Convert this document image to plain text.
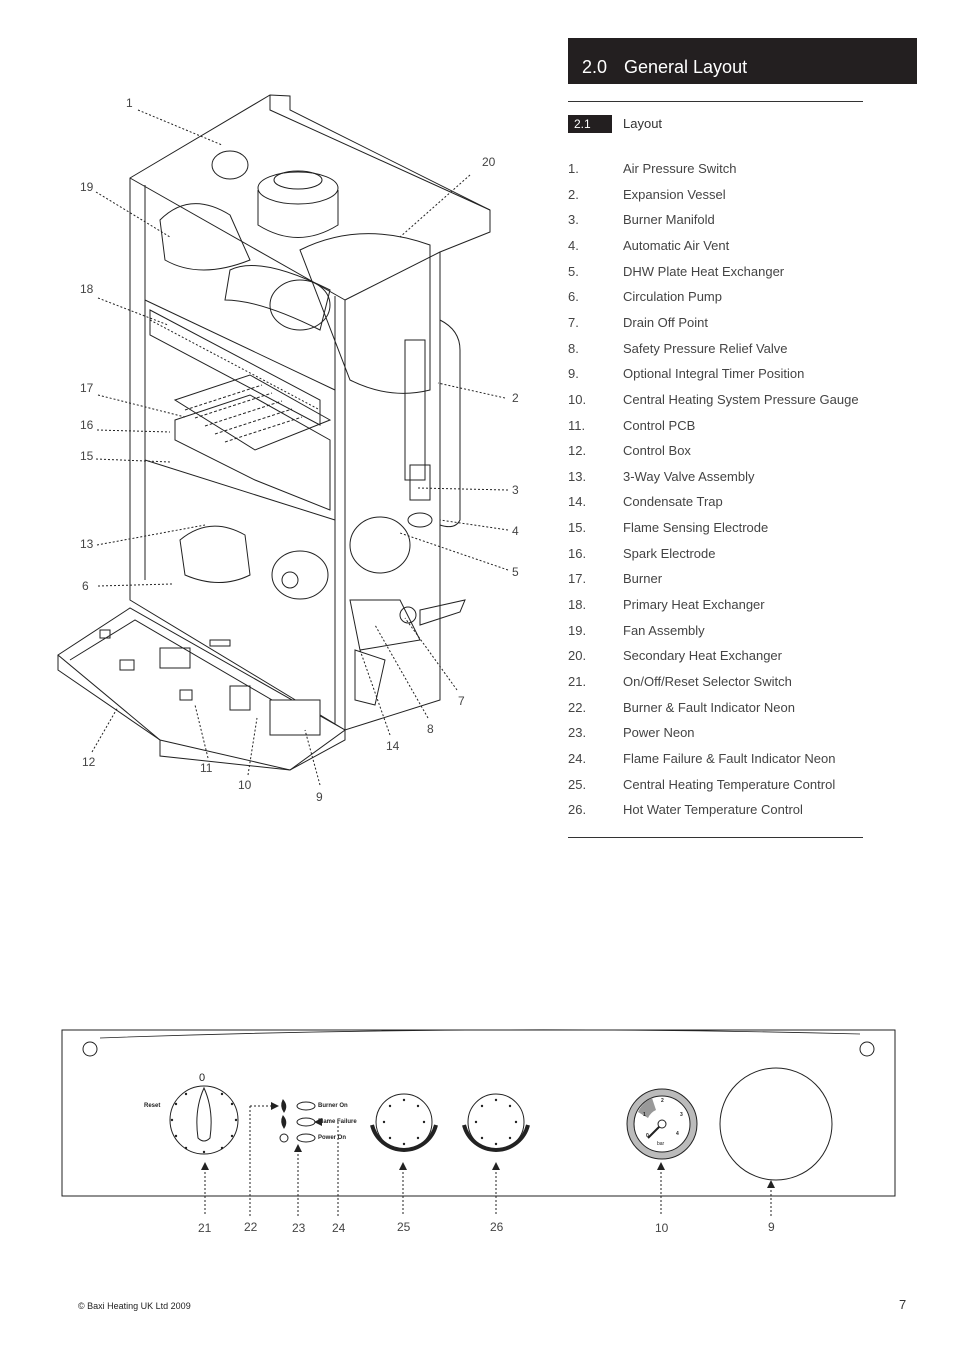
2.0 General Layout
2.1	Layout
1.	Air Pressure Switch
2.	Expansion Vessel
3.	Burner Manifold
4.	Automatic Air Vent
5.	DHW Plate Heat Exchanger
6.	Circulation Pump
7.	Drain Off Point
8.	Safety Pressure Relief Valve
9.	Optional Integral Timer Position
10.	Central Heating System Pressure Gauge
11.	Control PCB
12.	Control Box
13.	3-Way Valve Assembly
14.	Condensate Trap
15.	Flame Sensing Electrode
16.	Spark Electrode
17.	Burner
18.	Primary Heat Exchanger
19.	Fan Assembly
20.	Secondary Heat Exchanger
21.	On/Off/Reset Selector Switch
22.	Burner & Fault Indicator Neon
23.	Power Neon
24.	Flame Failure & Fault Indicator Neon
25.	Central Heating Temperature Control
26.	Hot Water Temperature Control
1
2
3
4
5
6
7
8
9
10
11
12
13
14
15
16
17
18
19
20
0
Reset	Burner On
Flame Failure
Power On	0
1
2
3
4
bar
21	22	23 24	25	26	10	9
© Baxi Heating UK Ltd 2009	7
